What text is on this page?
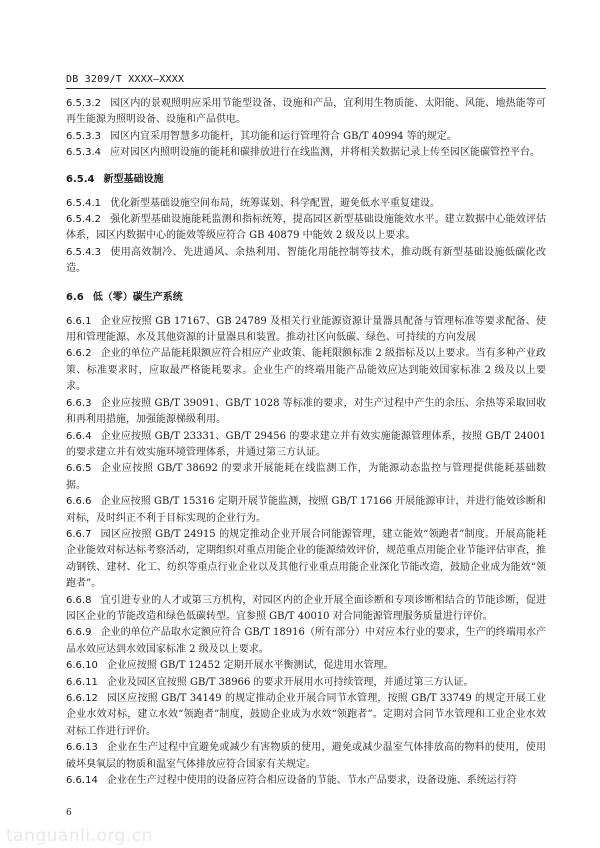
DB 3209/T XXXX—XXXX

6.5.3.2 园区内的景观照明应采用节能型设备、设施和产品，宜利用生物质能、太阳能、风能、地热能等可再生能源为照明设备、设施和产品供电。

6.5.3.3 园区内宜采用智慧多功能杆，其功能和运行管理符合 GB/T 40994 等的规定。

6.5.3.4 应对园区内照明设施的能耗和碳排放进行在线监测，并将相关数据记录上传至园区能碳管控平台。

6.5.4 新型基础设施

6.5.4.1 优化新型基础设施空间布局，统筹谋划、科学配置，避免低水平重复建设。

6.5.4.2 强化新型基础设施能耗监测和指标统筹，提高园区新型基础设施能效水平。建立数据中心能效评估体系，园区内数据中心的能效等级应符合 GB 40879 中能效 2 级及以上要求。

6.5.4.3 使用高效制冷、先进通风、余热利用、智能化用能控制等技术，推动既有新型基础设施低碳化改造。

6.6 低（零）碳生产系统

6.6.1 企业应按照 GB 17167、GB 24789 及相关行业能源资源计量器具配备与管理标准等要求配备、使用和管理能源、水及其他资源的计量器具和装置。推动社区向低碳、绿色、可持续的方向发展

6.6.2 企业的单位产品能耗限额应符合相应产业政策、能耗限额标准 2 级指标及以上要求。当有多种产业政策、标准要求时，应取最严格能耗要求。企业生产的终端用能产品能效应达到能效国家标准 2 级及以上要求。

6.6.3 企业应按照 GB/T 39091、GB/T 1028 等标准的要求，对生产过程中产生的余压、余热等采取回收和再利用措施，加强能源梯级利用。

6.6.4 企业应按照 GB/T 23331、GB/T 29456 的要求建立并有效实施能源管理体系，按照 GB/T 24001 的要求建立并有效实施环境管理体系，并通过第三方认证。

6.6.5 企业应按照 GB/T 38692 的要求开展能耗在线监测工作，为能源动态监控与管理提供能耗基础数据。

6.6.6 企业应按照 GB/T 15316 定期开展节能监测，按照 GB/T 17166 开展能源审计，并进行能效诊断和对标，及时纠正不利于目标实现的企业行为。

6.6.7 园区应按照 GB/T 24915 的规定推动企业开展合同能源管理，建立能效“领跑者”制度。开展高能耗企业能效对标达标考察活动，定期组织对重点用能企业的能源绩效评价，规范重点用能企业节能评估审查，推动钢铁、建材、化工、纺织等重点行业企业以及其他行业重点用能企业深化节能改造，鼓励企业成为能效“领跑者”。

6.6.8 宜引进专业的人才或第三方机构，对园区内的企业开展全面诊断和专项诊断相结合的节能诊断，促进园区企业的节能改造和绿色低碳转型。宜参照 GB/T 40010 对合同能源管理服务质量进行评价。

6.6.9 企业的单位产品取水定额应符合 GB/T 18916（所有部分）中对应本行业的要求，生产的终端用水产品水效应达到水效国家标准 2 级及以上要求。

6.6.10 企业应按照 GB/T 12452 定期开展水平衡测试，促进用水管理。

6.6.11 企业及园区宜按照 GB/T 38966 的要求开展用水可持续管理，并通过第三方认证。

6.6.12 园区应按照 GB/T 34149 的规定推动企业开展合同节水管理，按照 GB/T 33749 的规定开展工业企业水效对标，建立水效“领跑者”制度，鼓励企业成为水效“领跑者”。定期对合同节水管理和工业企业水效对标工作进行评价。

6.6.13 企业在生产过程中宜避免或减少有害物质的使用，避免或减少温室气体排放高的物料的使用，使用破坏臭氧层的物质和温室气体排放应符合国家有关规定。

6.6.14 企业在生产过程中使用的设备应符合相应设备的节能、节水产品要求，设备设施、系统运行符

6
tanguanli.org.cn
